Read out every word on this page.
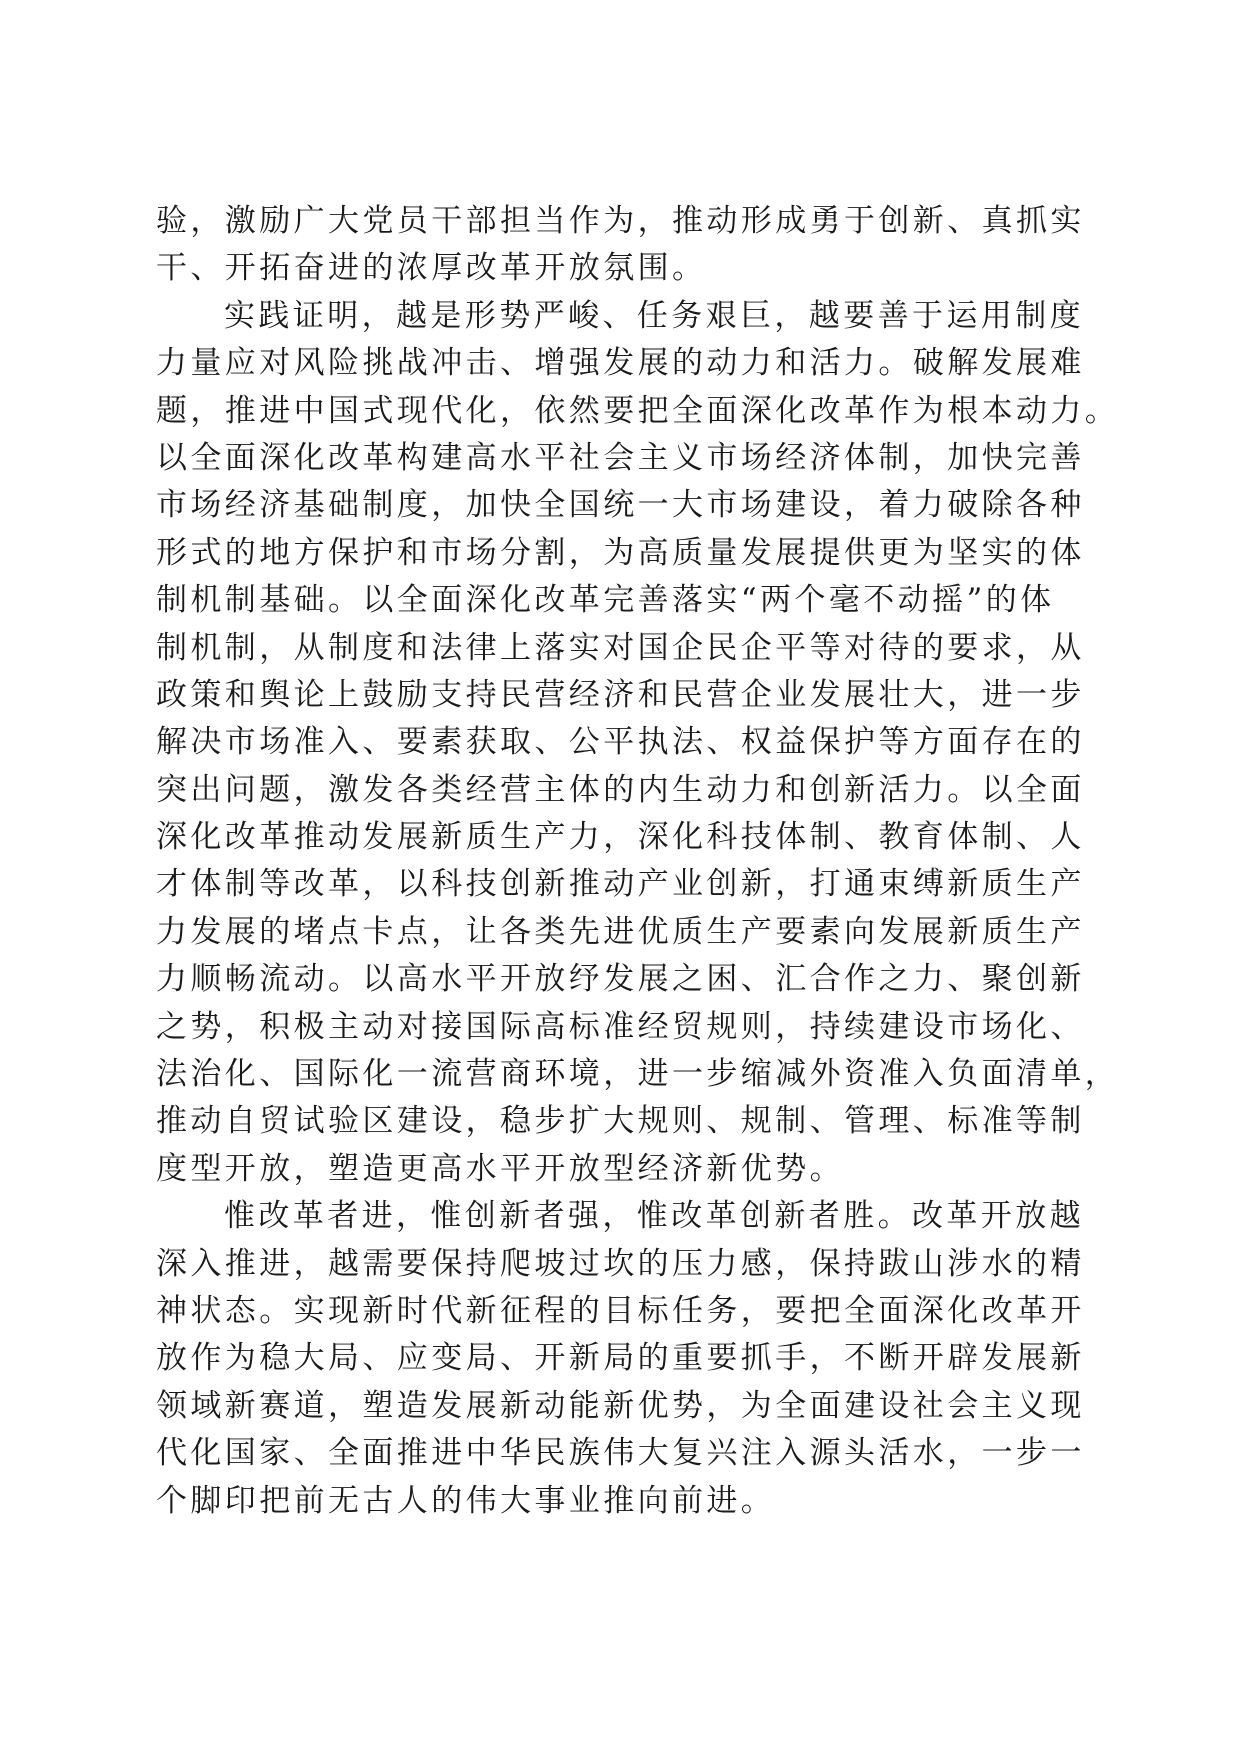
验，激励广大党员干部担当作为，推动形成勇于创新、真抓实
干、开拓奋进的浓厚改革开放氛围。
实践证明，越是形势严峻、任务艰巨，越要善于运用制度
力量应对风险挑战冲击、增强发展的动力和活力。破解发展难
题，推进中国式现代化，依然要把全面深化改革作为根本动力。
以全面深化改革构建高水平社会主义市场经济体制，加快完善
市场经济基础制度，加快全国统一大市场建设，着力破除各种
形式的地方保护和市场分割，为高质量发展提供更为坚实的体
制机制基础。以全面深化改革完善落实“两个毫不动摇”的体
制机制，从制度和法律上落实对国企民企平等对待的要求，从
政策和舆论上鼓励支持民营经济和民营企业发展壮大，进一步
解决市场准入、要素获取、公平执法、权益保护等方面存在的
突出问题，激发各类经营主体的内生动力和创新活力。以全面
深化改革推动发展新质生产力，深化科技体制、教育体制、人
才体制等改革，以科技创新推动产业创新，打通束缚新质生产
力发展的堵点卡点，让各类先进优质生产要素向发展新质生产
力顺畅流动。以高水平开放纾发展之困、汇合作之力、聚创新
之势，积极主动对接国际高标准经贸规则，持续建设市场化、
法治化、国际化一流营商环境，进一步缩减外资准入负面清单，
推动自贸试验区建设，稳步扩大规则、规制、管理、标准等制
度型开放，塑造更高水平开放型经济新优势。
惟改革者进，惟创新者强，惟改革创新者胜。改革开放越
深入推进，越需要保持爬坡过坎的压力感，保持跋山涉水的精
神状态。实现新时代新征程的目标任务，要把全面深化改革开
放作为稳大局、应变局、开新局的重要抓手，不断开辟发展新
领域新赛道，塑造发展新动能新优势，为全面建设社会主义现
代化国家、全面推进中华民族伟大复兴注入源头活水，一步一
个脚印把前无古人的伟大事业推向前进。
